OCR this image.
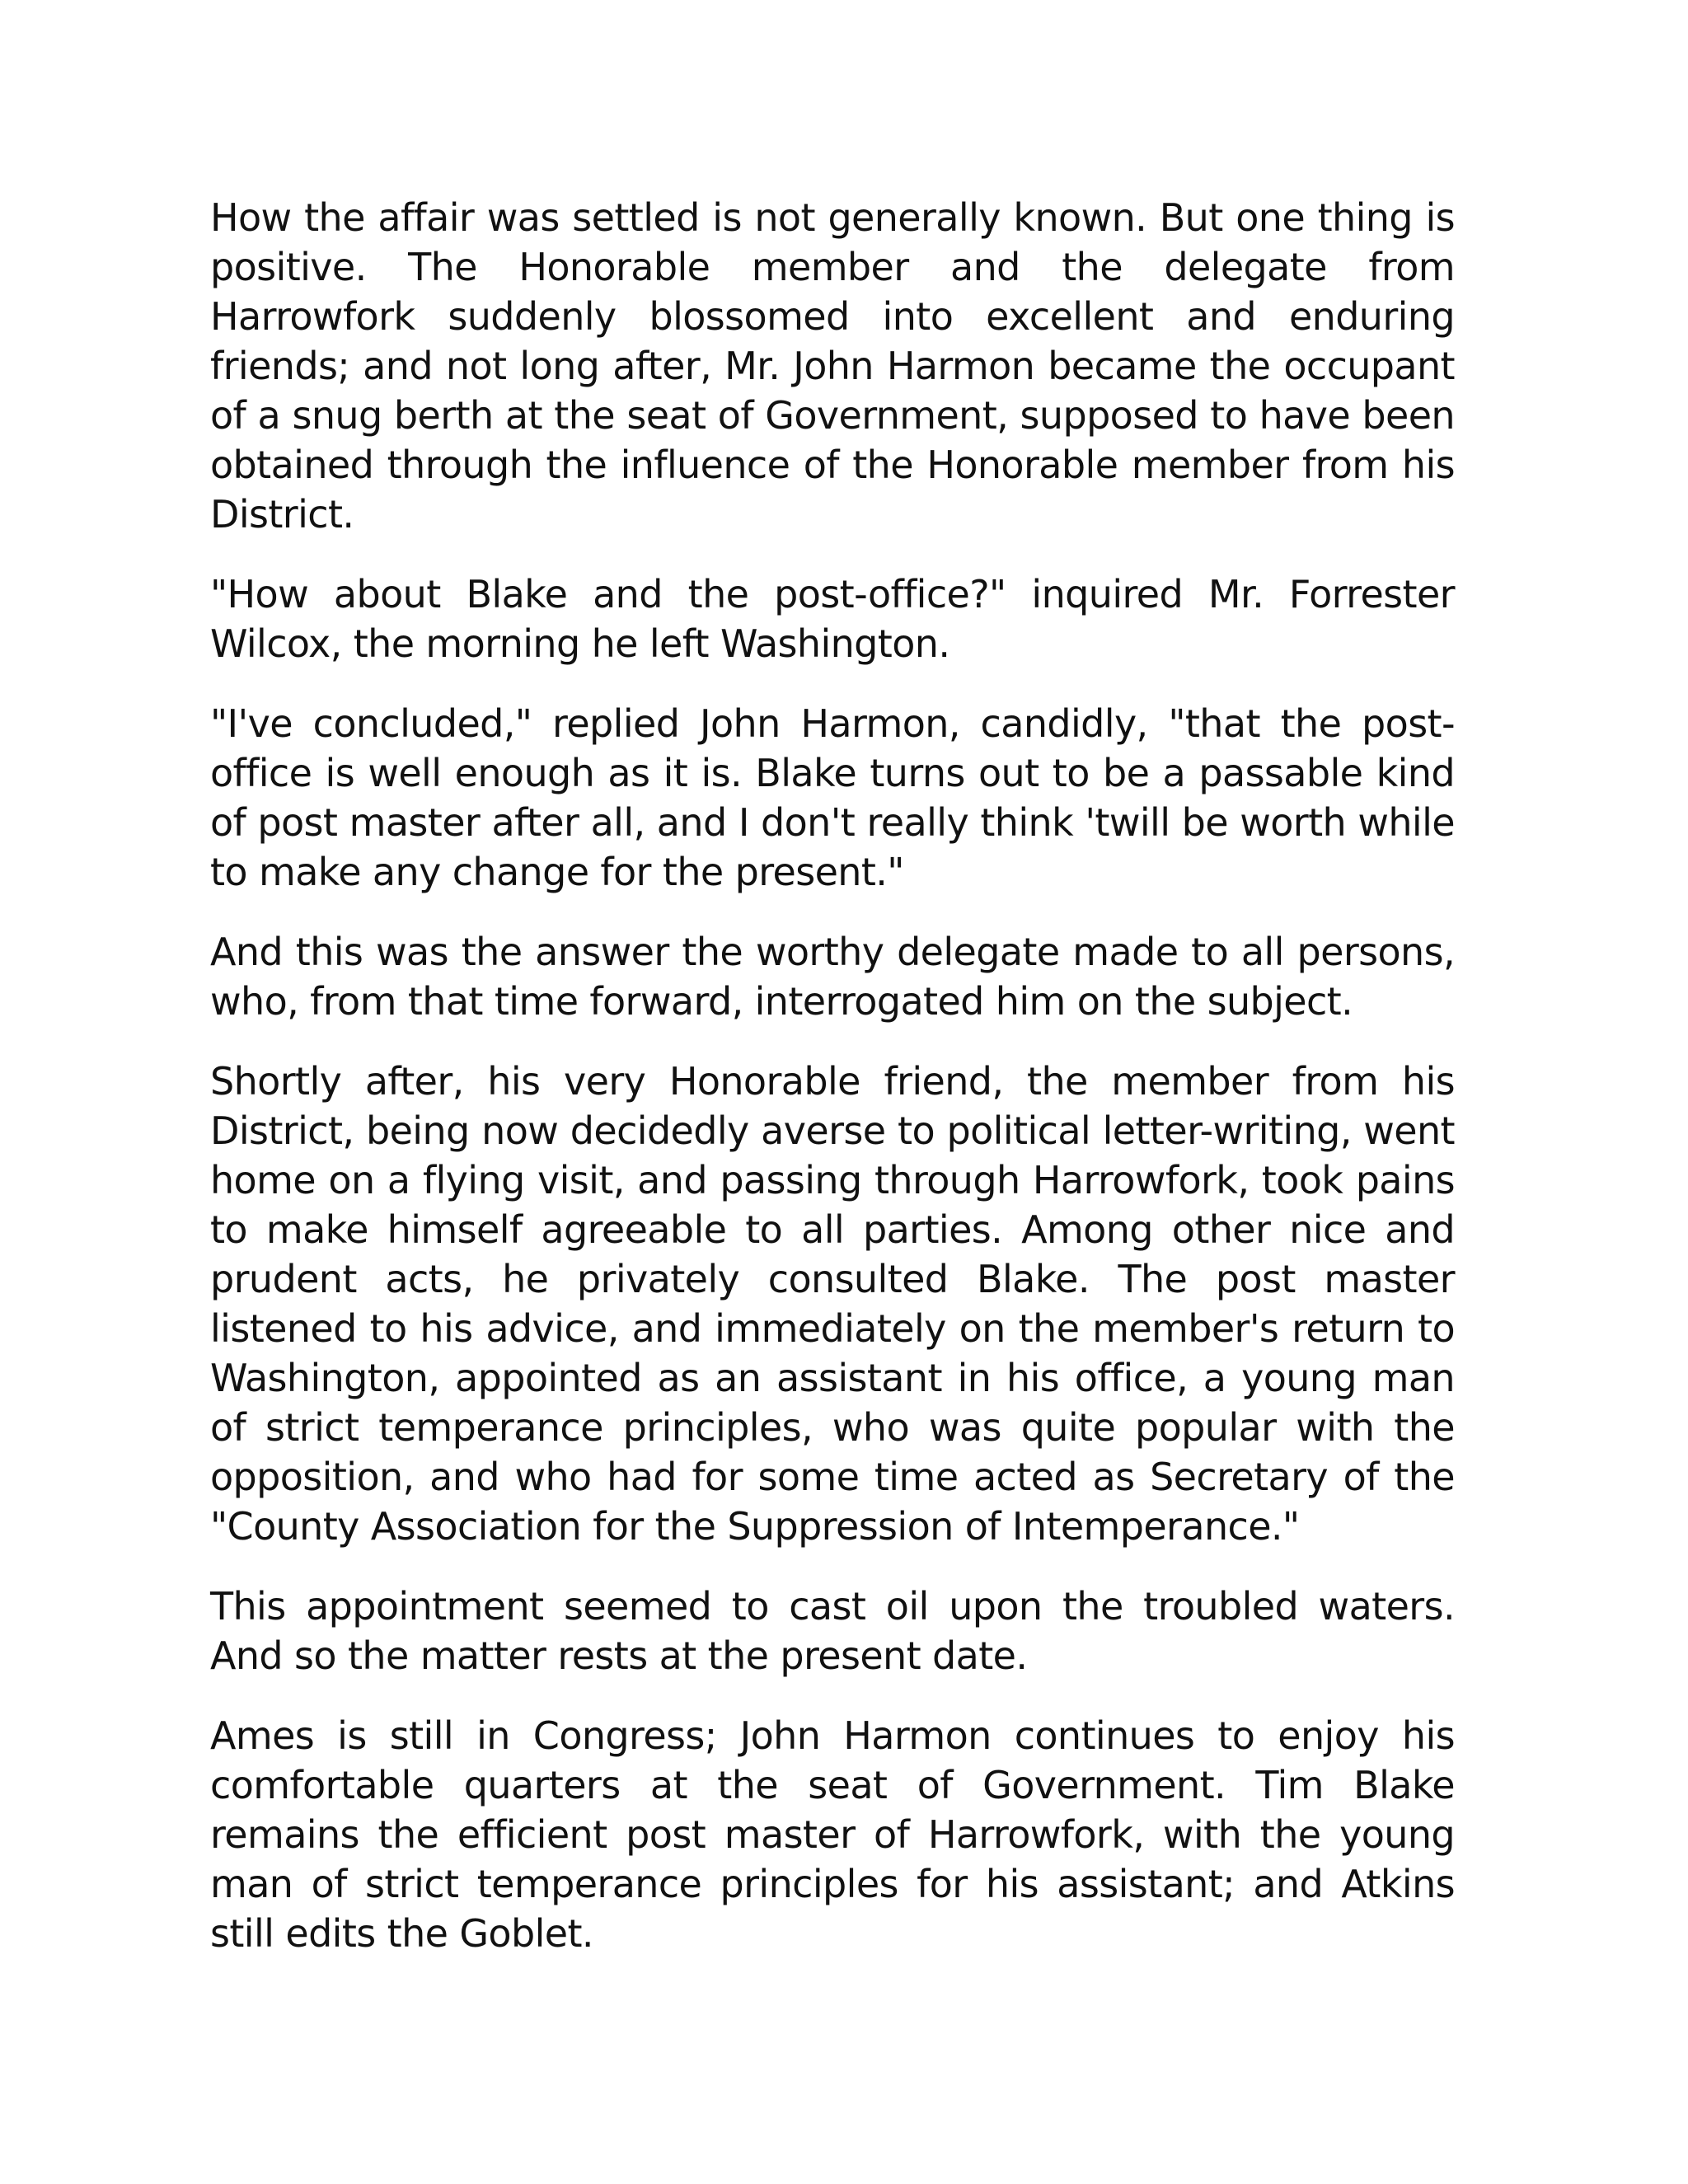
How the affair was settled is not generally known. But one thing is positive. The Honorable member and the delegate from Harrowfork suddenly blossomed into excellent and enduring friends; and not long after, Mr. John Harmon became the occupant of a snug berth at the seat of Government, supposed to have been obtained through the influence of the Honorable member from his District.

"How about Blake and the post-office?" inquired Mr. Forrester Wilcox, the morning he left Washington.

"I've concluded," replied John Harmon, candidly, "that the post-office is well enough as it is. Blake turns out to be a passable kind of post master after all, and I don't really think 'twill be worth while to make any change for the present."

And this was the answer the worthy delegate made to all persons, who, from that time forward, interrogated him on the subject.

Shortly after, his very Honorable friend, the member from his District, being now decidedly averse to political letter-writing, went home on a flying visit, and passing through Harrowfork, took pains to make himself agreeable to all parties. Among other nice and prudent acts, he privately consulted Blake. The post master listened to his advice, and immediately on the member's return to Washington, appointed as an assistant in his office, a young man of strict temperance principles, who was quite popular with the opposition, and who had for some time acted as Secretary of the "County Association for the Suppression of Intemperance."

This appointment seemed to cast oil upon the troubled waters. And so the matter rests at the present date.

Ames is still in Congress; John Harmon continues to enjoy his comfortable quarters at the seat of Government. Tim Blake remains the efficient post master of Harrowfork, with the young man of strict temperance principles for his assistant; and Atkins still edits the Goblet.
